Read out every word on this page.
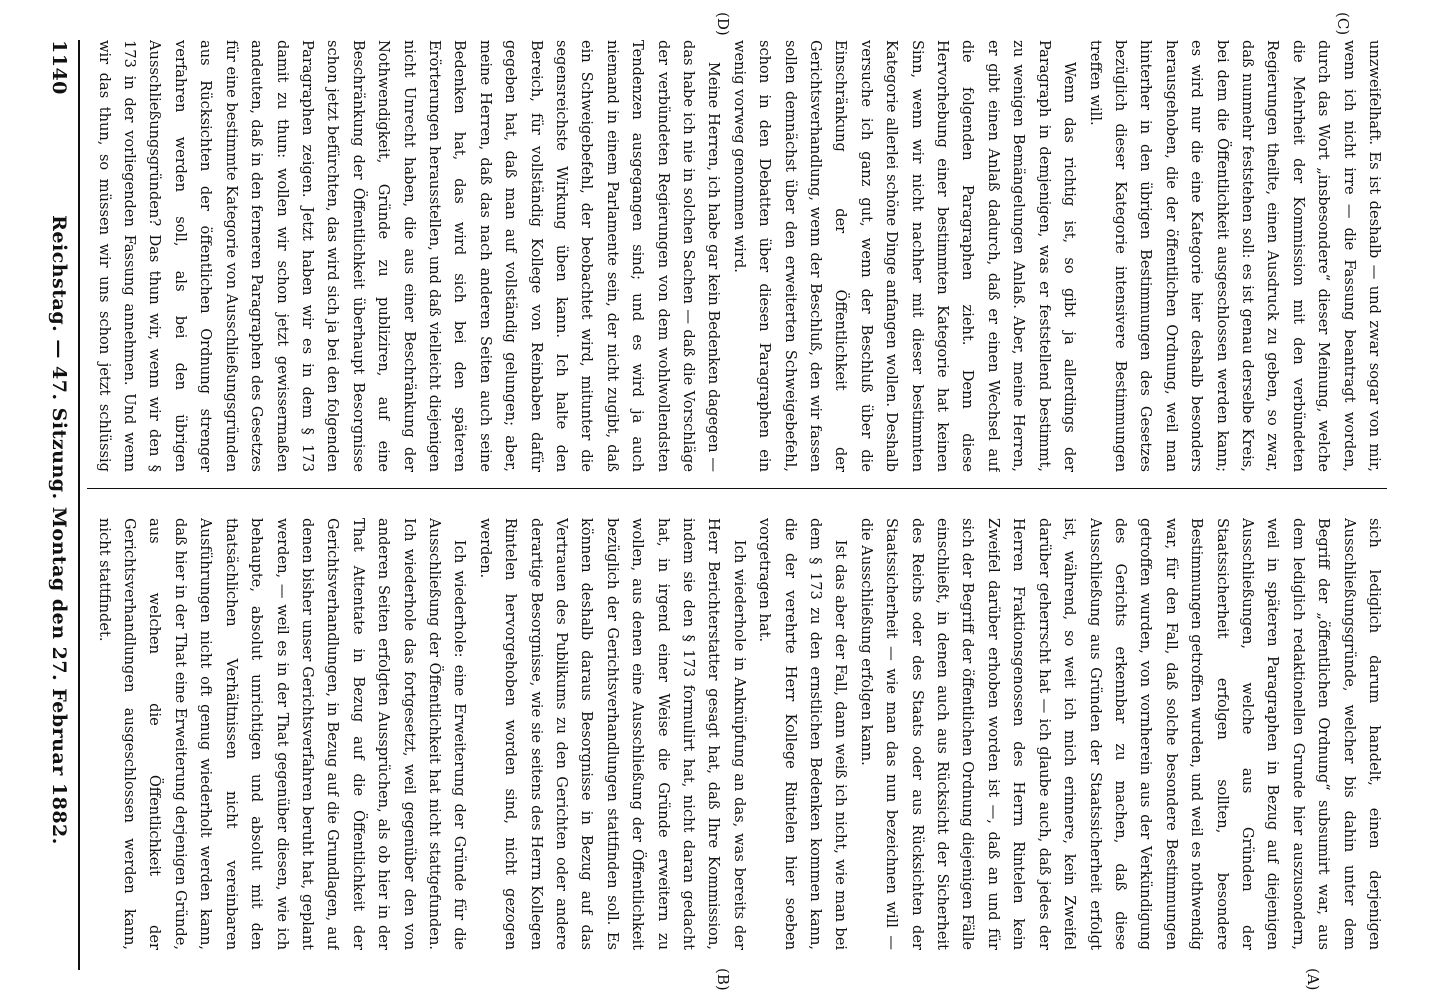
(C)
(D)

unzweifelhaft. Es ist deshalb — und zwar sogar von mir, wenn ich nicht irre — die Fassung beantragt worden, durch das Wort „insbesondere“ dieser Meinung, welche die Mehrheit der Kommission mit den verbündeten Regierungen theilte, einen Ausdruck zu geben, so zwar, daß nunmehr feststehen soll: es ist genau derselbe Kreis, bei dem die Öffentlichkeit ausgeschlossen werden kann; es wird nur die eine Kategorie hier deshalb besonders herausgehoben, die der öffentlichen Ordnung, weil man hinterher in den übrigen Bestimmungen des Gesetzes bezüglich dieser Kategorie intensivere Bestimmungen treffen will.

Wenn das richtig ist, so gibt ja allerdings der Paragraph in demjenigen, was er feststellend bestimmt, zu wenigen Bemängelungen Anlaß. Aber, meine Herren, er gibt einen Anlaß dadurch, daß er einen Wechsel auf die folgenden Paragraphen zieht. Denn diese Hervorhebung einer bestimmten Kategorie hat keinen Sinn, wenn wir nicht nachher mit dieser bestimmten Kategorie allerlei schöne Dinge anfangen wollen. Deshalb versuche ich ganz gut, wenn der Beschluß über die Einschränkung der Öffentlichkeit der Gerichtsverhandlung, wenn der Beschluß, den wir fassen sollen demnächst über den erweiterten Schweigebefehl, schon in den Debatten über diesen Paragraphen ein wenig vorweg genommen wird.

Meine Herren, ich habe gar kein Bedenken dagegen — das habe ich nie in solchen Sachen — daß die Vorschläge der verbündeten Regierungen von dem wohlwollendsten Tendenzen ausgegangen sind; und es wird ja auch niemand in einem Parlamente sein, der nicht zugibt, daß ein Schweigebefehl, der beobachtet wird, mitunter die segensreichste Wirkung üben kann. Ich halte den Bereich, für vollständig Kollege von Reinbaben dafür gegeben hat, daß man auf vollständig gelungen; aber, meine Herren, daß das nach anderen Seiten auch seine Bedenken hat, das wird sich bei den späteren Erörterungen herausstellen, und daß vielleicht diejenigen nicht Unrecht haben, die aus einer Beschränkung der Nothwendigkeit, Gründe zu publiziren, auf eine Beschränkung der Öffentlichkeit überhaupt Besorgnisse schon jetzt befürchten, das wird sich ja bei den folgenden Paragraphen zeigen. Jetzt haben wir es in dem § 173 damit zu thun: wollen wir schon jetzt gewissermaßen andeuten, daß in den ferneren Paragraphen des Gesetzes für eine bestimmte Kategorie von Ausschließungsgründen aus Rücksichten der öffentlichen Ordnung strenger verfahren werden soll, als bei den übrigen Ausschließungsgründen? Das thun wir, wenn wir den § 173 in der vorliegenden Fassung annehmen. Und wenn wir das thun, so müssen wir uns schon jetzt schlüssig

sich lediglich darum handelt, einen derjenigen Ausschließungsgründe, welcher bis dahin unter dem Begriff der „öffentlichen Ordnung“ subsumirt war, aus dem lediglich redaktionellen Grunde hier auszusondern, weil in späteren Paragraphen in Bezug auf diejenigen Ausschließungen, welche aus Gründen der Staatssicherheit erfolgen sollten, besondere Bestimmungen getroffen wurden, und weil es nothwendig war, für den Fall, daß solche besondere Bestimmungen getroffen wurden, von vornherein aus der Verkündigung des Gerichts erkennbar zu machen, daß diese Ausschließung aus Gründen der Staatssicherheit erfolgt ist, während, so weit ich mich erinnere, kein Zweifel darüber geherrscht hat — ich glaube auch, daß jedes der Herren Fraktionsgenossen des Herrn Rintelen kein Zweifel darüber erhoben worden ist —, daß an und für sich der Begriff der öffentlichen Ordnung diejenigen Fälle einschließt, in denen auch aus Rücksicht der Sicherheit des Reichs oder des Staats oder aus Rücksichten der Staatssicherheit — wie man das nun bezeichnen will — die Ausschließung erfolgen kann.

Ist das aber der Fall, dann weiß ich nicht, wie man bei dem § 173 zu den ernstlichen Bedenken kommen kann, die der verehrte Herr Kollege Rintelen hier soeben vorgetragen hat.

Ich wiederhole in Anknüpfung an das, was bereits der Herr Berichterstatter gesagt hat, daß Ihre Kommission, indem sie den § 173 formulirt hat, nicht daran gedacht hat, in irgend einer Weise die Gründe erweitern zu wollen, aus denen eine Ausschließung der Öffentlichkeit bezüglich der Gerichtsverhandlungen stattfinden soll. Es können deshalb daraus Besorgnisse in Bezug auf das Vertrauen des Publikums zu den Gerichten oder andere derartige Besorgnisse, wie sie seitens des Herrn Kollegen Rintelen hervorgehoben worden sind, nicht gezogen werden.

Ich wiederhole: eine Erweiterung der Gründe für die Ausschließung der Öffentlichkeit hat nicht stattgefunden. Ich wiederhole das fortgesetzt, weil gegenüber den von anderen Seiten erfolgten Aussprüchen, als ob hier in der That Attentate in Bezug auf die Öffentlichkeit der Gerichtsverhandlungen, in Bezug auf die Grundlagen, auf denen bisher unser Gerichtsverfahren beruht hat, geplant werden, — weil es in der That gegenüber diesen, wie ich behaupte, absolut unrichtigen und absolut mit den thatsächlichen Verhältnissen nicht vereinbaren Ausführungen nicht oft genug wiederholt werden kann, daß hier in der That eine Erweiterung derjenigen Gründe, aus welchen die Öffentlichkeit der Gerichtsverhandlungen ausgeschlossen werden kann, nicht stattfindet.

(A)
(B)
1140
Reichstag. — 47. Sitzung. Montag den 27. Februar 1882.
